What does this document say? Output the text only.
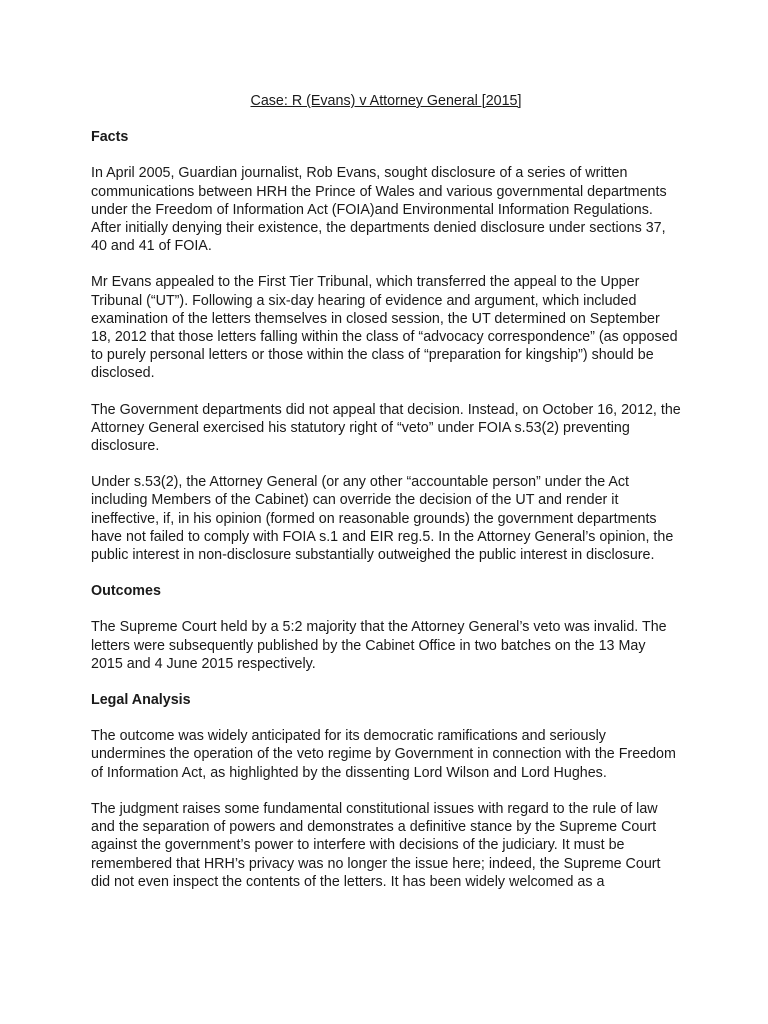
Case: R (Evans) v Attorney General [2015]
Facts

In April 2005, Guardian journalist, Rob Evans, sought disclosure of a series of written communications between HRH the Prince of Wales and various governmental departments under the Freedom of Information Act (FOIA)and Environmental Information Regulations. After initially denying their existence, the departments denied disclosure under sections 37, 40 and 41 of FOIA.

Mr Evans appealed to the First Tier Tribunal, which transferred the appeal to the Upper Tribunal (“UT”). Following a six-day hearing of evidence and argument, which included examination of the letters themselves in closed session, the UT determined on September 18, 2012 that those letters falling within the class of “advocacy correspondence” (as opposed to purely personal letters or those within the class of “preparation for kingship”) should be disclosed.

The Government departments did not appeal that decision. Instead, on October 16, 2012, the Attorney General exercised his statutory right of “veto” under FOIA s.53(2) preventing disclosure.

Under s.53(2), the Attorney General (or any other “accountable person” under the Act including Members of the Cabinet) can override the decision of the UT and render it ineffective, if, in his opinion (formed on reasonable grounds) the government departments have not failed to comply with FOIA s.1 and EIR reg.5. In the Attorney General’s opinion, the public interest in non-disclosure substantially outweighed the public interest in disclosure.

Outcomes

The Supreme Court held by a 5:2 majority that the Attorney General’s veto was invalid. The letters were subsequently published by the Cabinet Office in two batches on the 13 May 2015 and 4 June 2015 respectively.

Legal Analysis

The outcome was widely anticipated for its democratic ramifications and seriously undermines the operation of the veto regime by Government in connection with the Freedom of Information Act, as highlighted by the dissenting Lord Wilson and Lord Hughes.

The judgment raises some fundamental constitutional issues with regard to the rule of law and the separation of powers and demonstrates a definitive stance by the Supreme Court against the government’s power to interfere with decisions of the judiciary. It must be remembered that HRH’s privacy was no longer the issue here; indeed, the Supreme Court did not even inspect the contents of the letters. It has been widely welcomed as a
